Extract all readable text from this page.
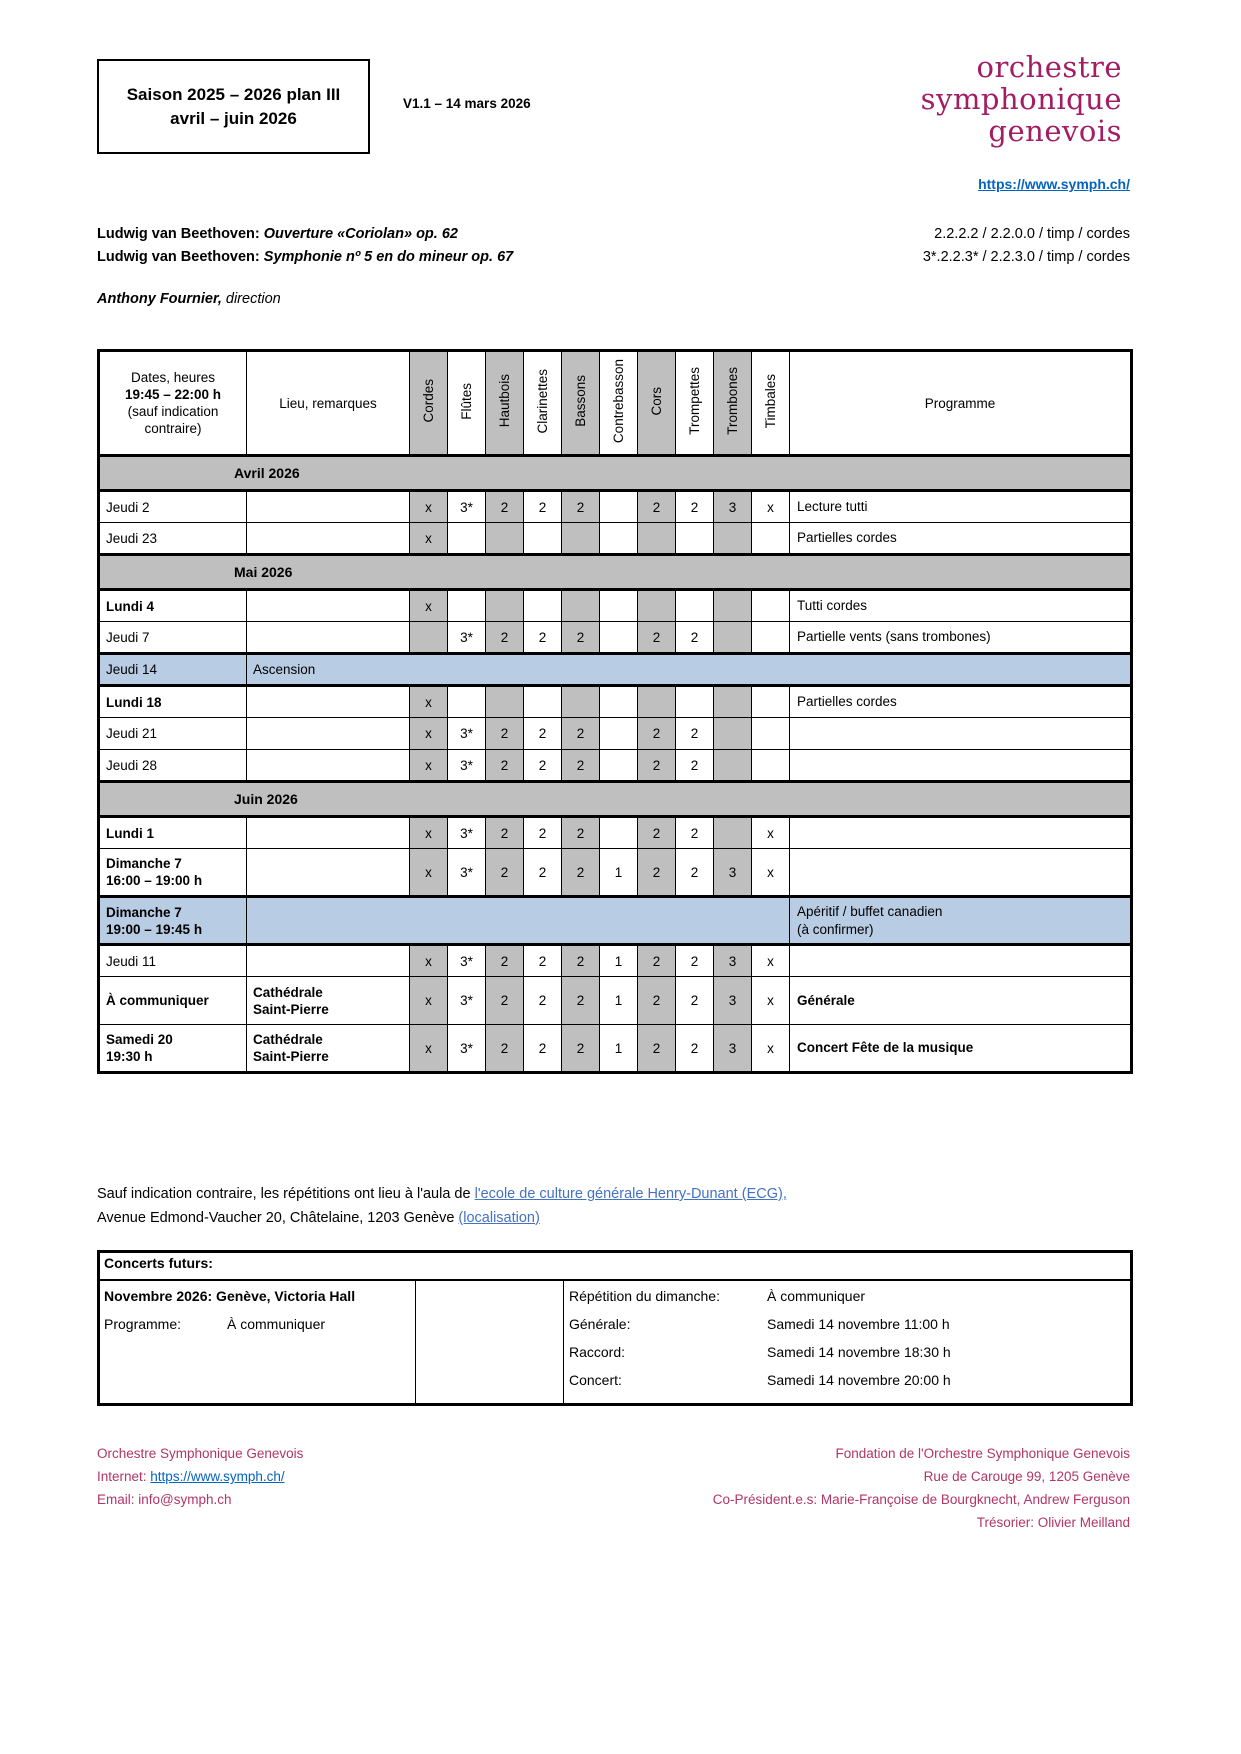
Saison 2025 – 2026 plan III
avril – juin 2026
V1.1 – 14 mars 2026
orchestre
symphonique
genevois
https://www.symph.ch/
Ludwig van Beethoven: Ouverture «Coriolan» op. 62
Ludwig van Beethoven: Symphonie nº 5 en do mineur op. 67
2.2.2.2 / 2.2.0.0 / timp / cordes
3*.2.2.3* / 2.2.3.0 / timp / cordes
Anthony Fournier, direction
Dates, heures
19:45 – 22:00 h
(sauf indication
contraire)	Lieu, remarques	Cordes	Flûtes	Hautbois	Clarinettes	Bassons	Contrebasson	Cors	Trompettes	Trombones	Timbales	Programme
Avril 2026												

Jeudi 2		x	3*	2	2	2		2	2	3	x	Lecture tutti

Jeudi 23		x										Partielles cordes
Mai 2026												

Lundi 4		x										Tutti cordes

Jeudi 7			3*	2	2	2		2	2			Partielle vents (sans trombones)

Jeudi 14	Ascension											

Lundi 18		x										Partielles cordes

Jeudi 21		x	3*	2	2	2		2	2			

Jeudi 28		x	3*	2	2	2		2	2			
Juin 2026												

Lundi 1		x	3*	2	2	2		2	2		x	

Dimanche 7
16:00 – 19:00 h		x	3*	2	2	2	1	2	2	3	x	

Dimanche 7
19:00 – 19:45 h

Apéritif / buffet canadien
(à confirmer)

Jeudi 11		x	3*	2	2	2	1	2	2	3	x	

À communiquer	Cathédrale
Saint-Pierre	x	3*	2	2	2	1	2	2	3	x	Générale

Samedi 20
19:30 h

Cathédrale
Saint-Pierre
	x	3*	2	2	2	1	2	2	3	x	Concert Fête de la musique
Sauf indication contraire, les répétitions ont lieu à l'aula de l'ecole de culture générale Henry-Dunant (ECG),
Avenue Edmond-Vaucher 20, Châtelaine, 1203 Genève (localisation)
Concerts futurs:

Novembre 2026: Genève, Victoria Hall
Programme:	À communiquer

Répétition du dimanche:	À communiquer
Générale:	Samedi 14 novembre 11:00 h
Raccord:	Samedi 14 novembre 18:30 h
Concert:	Samedi 14 novembre 20:00 h
Orchestre Symphonique Genevois
Internet: https://www.symph.ch/
Email: info@symph.ch
Fondation de l'Orchestre Symphonique Genevois
Rue de Carouge 99, 1205 Genève
Co-Président.e.s: Marie-Françoise de Bourgknecht, Andrew Ferguson
Trésorier: Olivier Meilland
